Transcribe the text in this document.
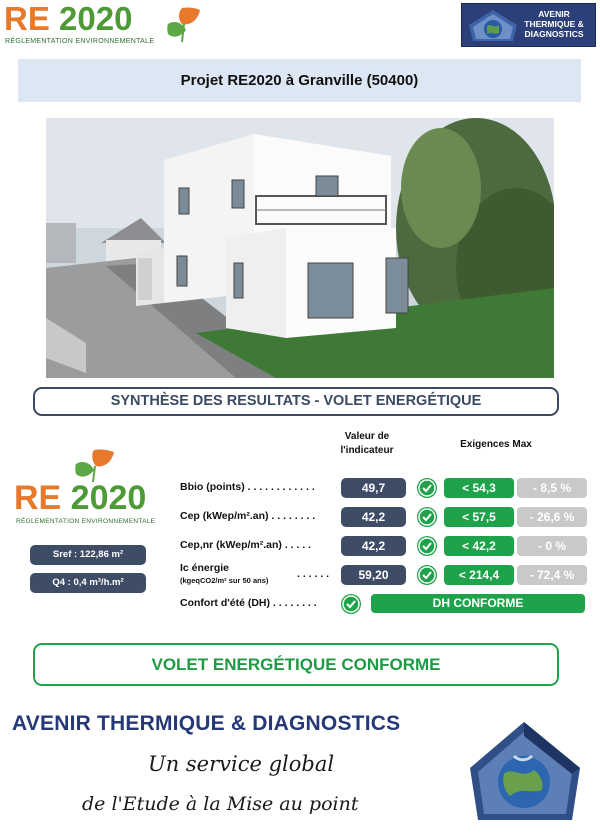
RE 2020
RÉGLEMENTATION ENVIRONNEMENTALE
AVENIR THERMIQUE & DIAGNOSTICS
Projet RE2020 à Granville (50400)
SYNTHÈSE DES RESULTATS - VOLET ENERGÉTIQUE
RE 2020
RÉGLEMENTATION ENVIRONNEMENTALE
Sref : 122,86 m²
Q4 : 0,4 m³/h.m²
Valeur de l'indicateur
Exigences Max
Bbio (points) . . . . . . . . . . . .	49,7	< 54,3	- 8,5 %
Cep (kWep/m².an) . . . . . . . .	42,2	< 57,5	- 26,6 %
Cep,nr (kWep/m².an) . . . . .	42,2	< 42,2	- 0 %
Ic énergie
(kgeqCO2/m² sur 50 ans)
. . . . . .	59,20	< 214,4	- 72,4 %
Confort d'été (DH) . . . . . . . .	DH CONFORME
VOLET ENERGÉTIQUE CONFORME
AVENIR THERMIQUE & DIAGNOSTICS
Un service global
de l'Etude à la Mise au point
